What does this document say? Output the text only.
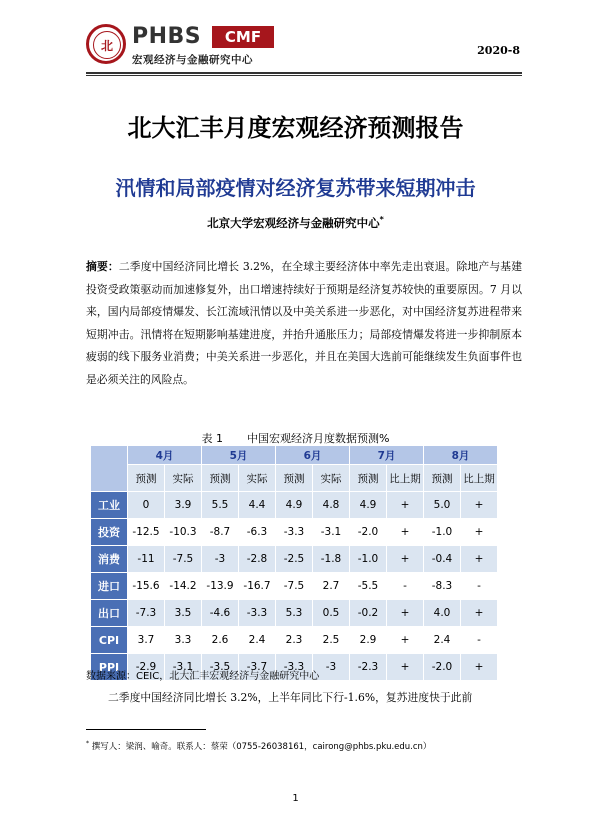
北 PHBS	CMF
宏观经济与金融研究中心
2020-8
北大汇丰月度宏观经济预测报告
汛情和局部疫情对经济复苏带来短期冲击
北京大学宏观经济与金融研究中心*
摘要：二季度中国经济同比增长 3.2%，在全球主要经济体中率先走出衰退。除地产与基建投资受政策驱动而加速修复外，出口增速持续好于预期是经济复苏较快的重要原因。7 月以来，国内局部疫情爆发、长江流域汛情以及中美关系进一步恶化，对中国经济复苏进程带来短期冲击。汛情将在短期影响基建进度，并抬升通胀压力；局部疫情爆发将进一步抑制原本疲弱的线下服务业消费；中美关系进一步恶化，并且在美国大选前可能继续发生负面事件也是必须关注的风险点。
表 1 中国宏观经济月度数据预测%
	4月		5月		6月		7月		8月	
	预测	实际	预测	实际	预测	实际	预测	比上期	预测	比上期
工业	0	3.9	5.5	4.4	4.9	4.8	4.9	+	5.0	+
投资	-12.5	-10.3	-8.7	-6.3	-3.3	-3.1	-2.0	+	-1.0	+
消费	-11	-7.5	-3	-2.8	-2.5	-1.8	-1.0	+	-0.4	+
进口	-15.6	-14.2	-13.9	-16.7	-7.5	2.7	-5.5	-	-8.3	-
出口	-7.3	3.5	-4.6	-3.3	5.3	0.5	-0.2	+	4.0	+
CPI	3.7	3.3	2.6	2.4	2.3	2.5	2.9	+	2.4	-
PPI	-2.9	-3.1	-3.5	-3.7	-3.3	-3	-2.3	+	-2.0	+
数据来源：CEIC，北大汇丰宏观经济与金融研究中心
二季度中国经济同比增长 3.2%，上半年同比下行-1.6%，复苏进度快于此前
* 撰写人：梁润、喻奇。联系人：蔡荣（0755-26038161，cairong@phbs.pku.edu.cn）
1
